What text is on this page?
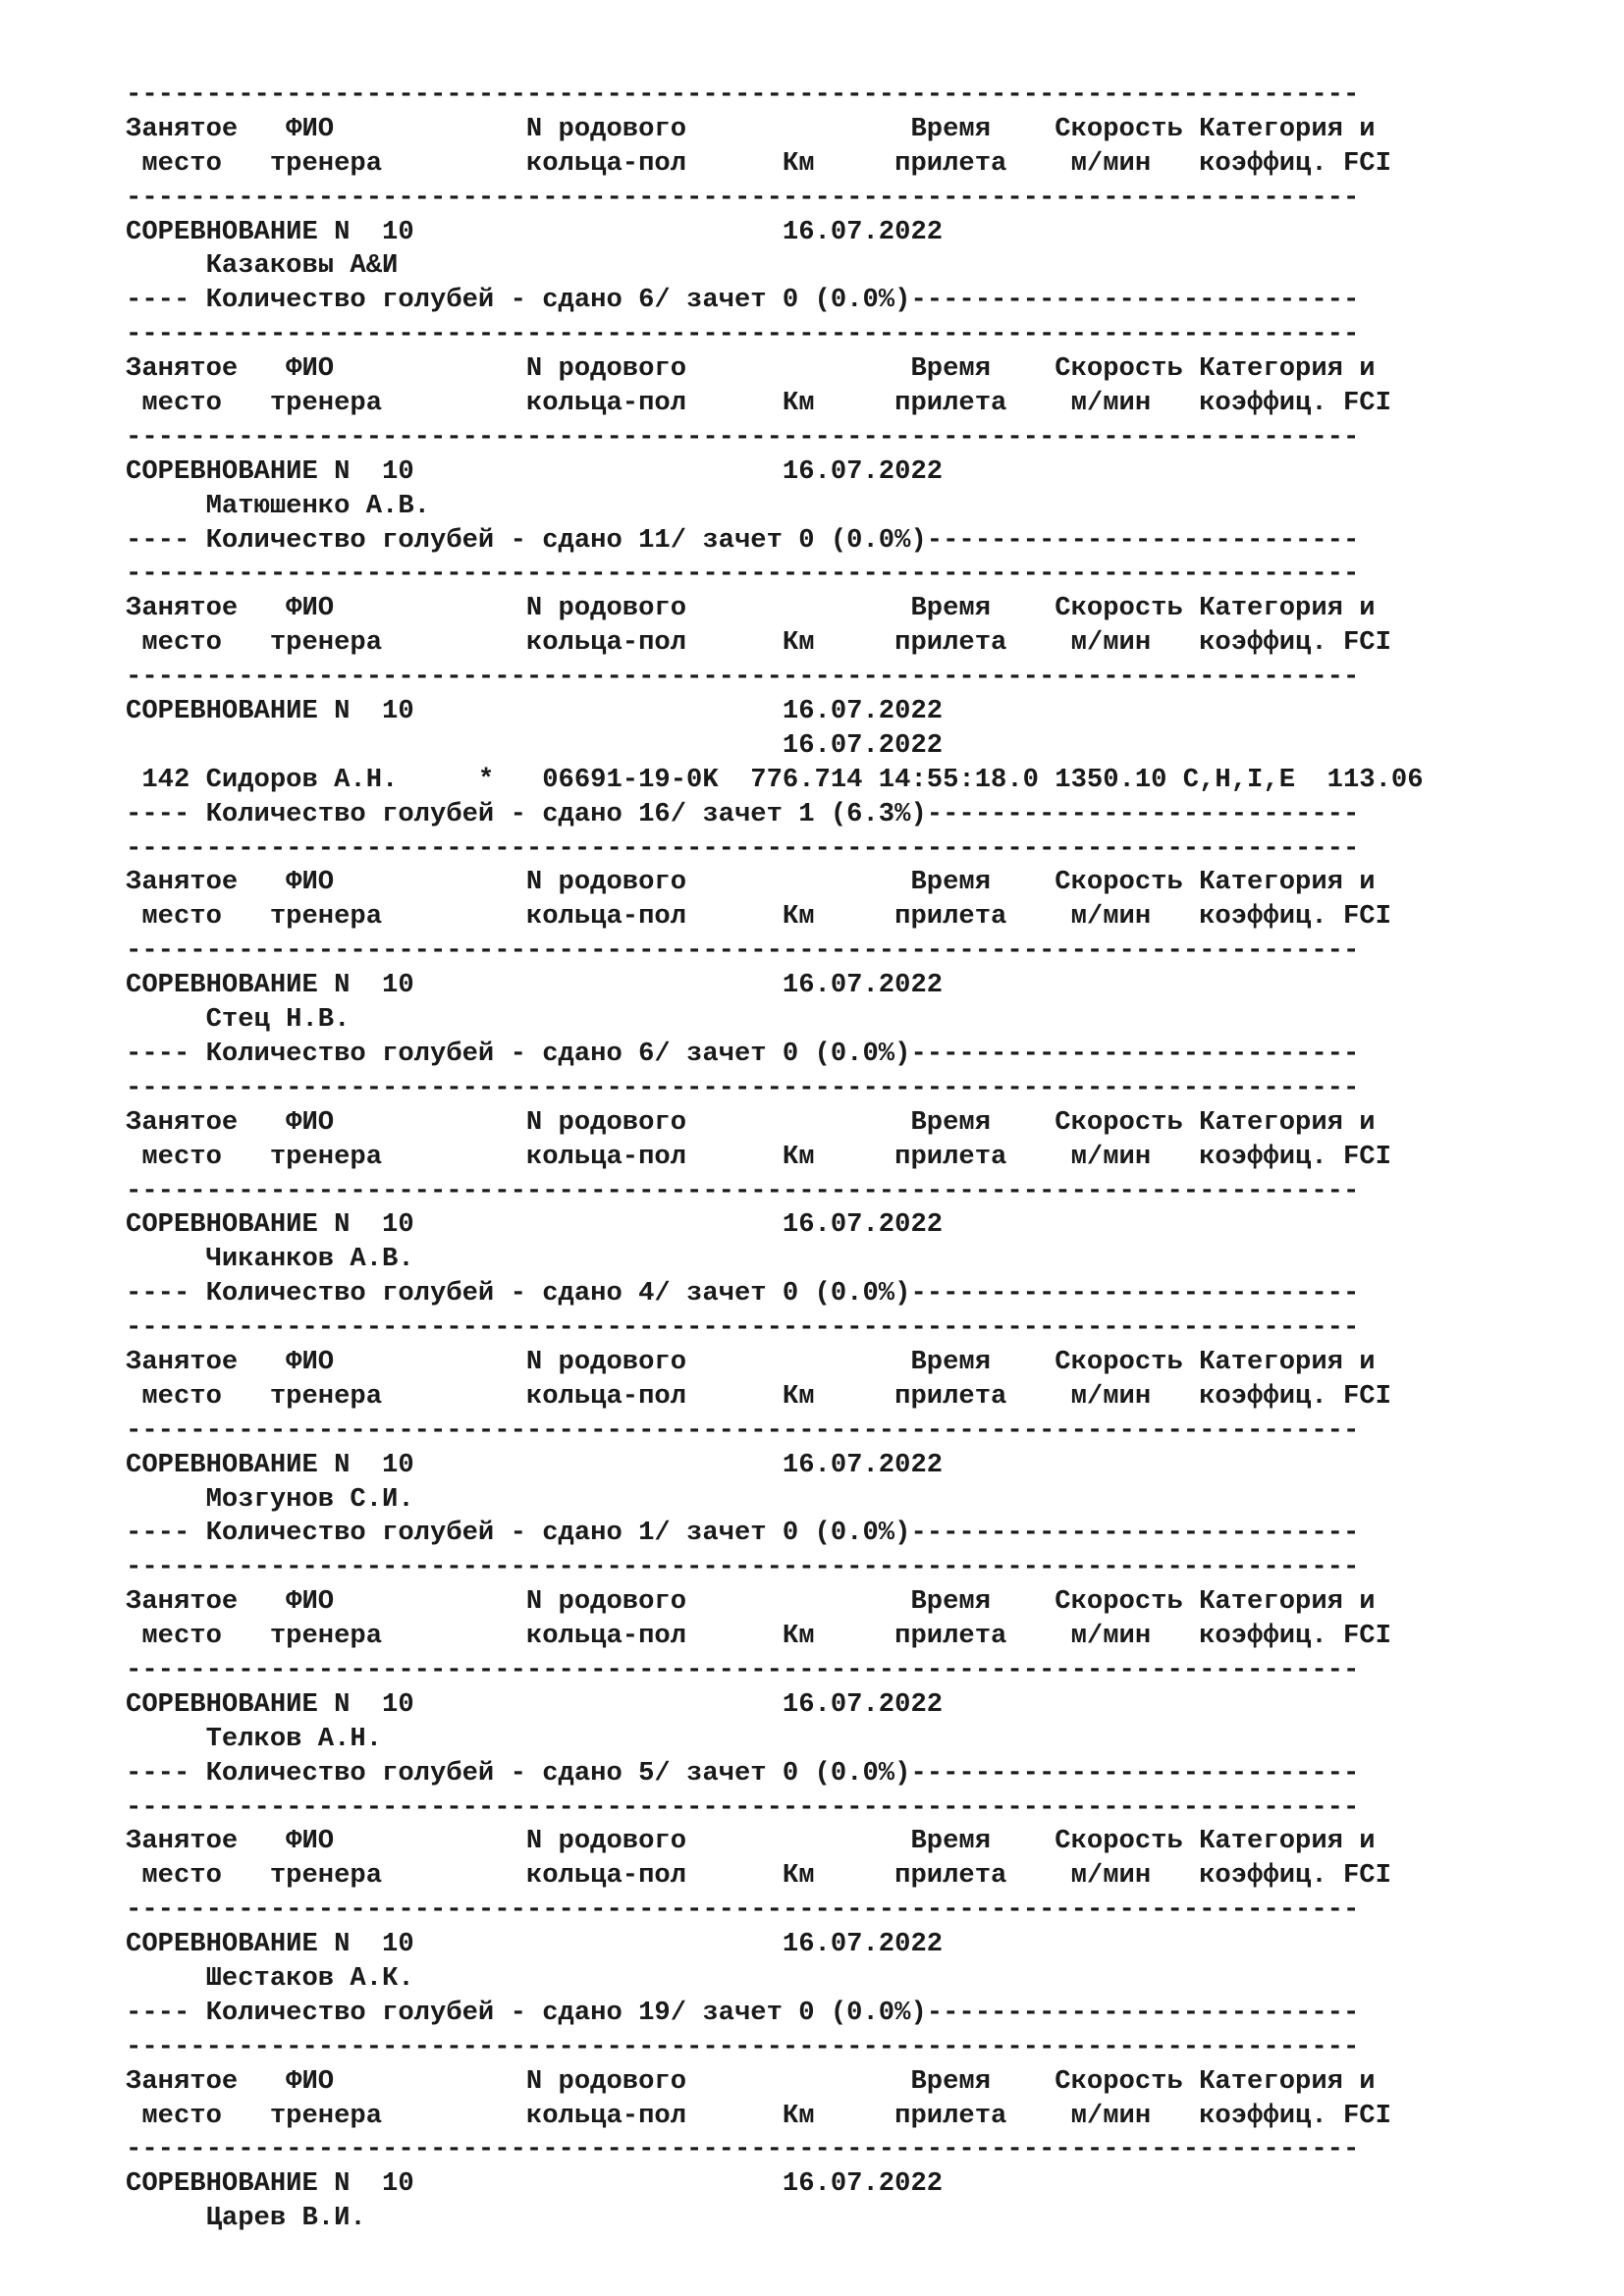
-----------------------------------------------------------------------------
Занятое   ФИО            N родового              Время    Скорость Категория и
место   тренера         кольца-пол      Км     прилета    м/мин   коэффиц. FCI
-----------------------------------------------------------------------------
СОРЕВНОВАНИЕ N  10                       16.07.2022
Казаковы А&И
---- Количество голубей - сдано 6/ зачет 0 (0.0%)----------------------------
-----------------------------------------------------------------------------
Занятое   ФИО            N родового              Время    Скорость Категория и
место   тренера         кольца-пол      Км     прилета    м/мин   коэффиц. FCI
-----------------------------------------------------------------------------
СОРЕВНОВАНИЕ N  10                       16.07.2022
Матюшенко А.В.
---- Количество голубей - сдано 11/ зачет 0 (0.0%)---------------------------
-----------------------------------------------------------------------------
Занятое   ФИО            N родового              Время    Скорость Категория и
место   тренера         кольца-пол      Км     прилета    м/мин   коэффиц. FCI
-----------------------------------------------------------------------------
СОРЕВНОВАНИЕ N  10                       16.07.2022
16.07.2022
142 Сидоров А.Н.     *   06691-19-0K  776.714 14:55:18.0 1350.10 C,H,I,E  113.06
---- Количество голубей - сдано 16/ зачет 1 (6.3%)---------------------------
-----------------------------------------------------------------------------
Занятое   ФИО            N родового              Время    Скорость Категория и
место   тренера         кольца-пол      Км     прилета    м/мин   коэффиц. FCI
-----------------------------------------------------------------------------
СОРЕВНОВАНИЕ N  10                       16.07.2022
Стец Н.В.
---- Количество голубей - сдано 6/ зачет 0 (0.0%)----------------------------
-----------------------------------------------------------------------------
Занятое   ФИО            N родового              Время    Скорость Категория и
место   тренера         кольца-пол      Км     прилета    м/мин   коэффиц. FCI
-----------------------------------------------------------------------------
СОРЕВНОВАНИЕ N  10                       16.07.2022
Чиканков А.В.
---- Количество голубей - сдано 4/ зачет 0 (0.0%)----------------------------
-----------------------------------------------------------------------------
Занятое   ФИО            N родового              Время    Скорость Категория и
место   тренера         кольца-пол      Км     прилета    м/мин   коэффиц. FCI
-----------------------------------------------------------------------------
СОРЕВНОВАНИЕ N  10                       16.07.2022
Мозгунов С.И.
---- Количество голубей - сдано 1/ зачет 0 (0.0%)----------------------------
-----------------------------------------------------------------------------
Занятое   ФИО            N родового              Время    Скорость Категория и
место   тренера         кольца-пол      Км     прилета    м/мин   коэффиц. FCI
-----------------------------------------------------------------------------
СОРЕВНОВАНИЕ N  10                       16.07.2022
Телков А.Н.
---- Количество голубей - сдано 5/ зачет 0 (0.0%)----------------------------
-----------------------------------------------------------------------------
Занятое   ФИО            N родового              Время    Скорость Категория и
место   тренера         кольца-пол      Км     прилета    м/мин   коэффиц. FCI
-----------------------------------------------------------------------------
СОРЕВНОВАНИЕ N  10                       16.07.2022
Шестаков А.К.
---- Количество голубей - сдано 19/ зачет 0 (0.0%)---------------------------
-----------------------------------------------------------------------------
Занятое   ФИО            N родового              Время    Скорость Категория и
место   тренера         кольца-пол      Км     прилета    м/мин   коэффиц. FCI
-----------------------------------------------------------------------------
СОРЕВНОВАНИЕ N  10                       16.07.2022
Царев В.И.
